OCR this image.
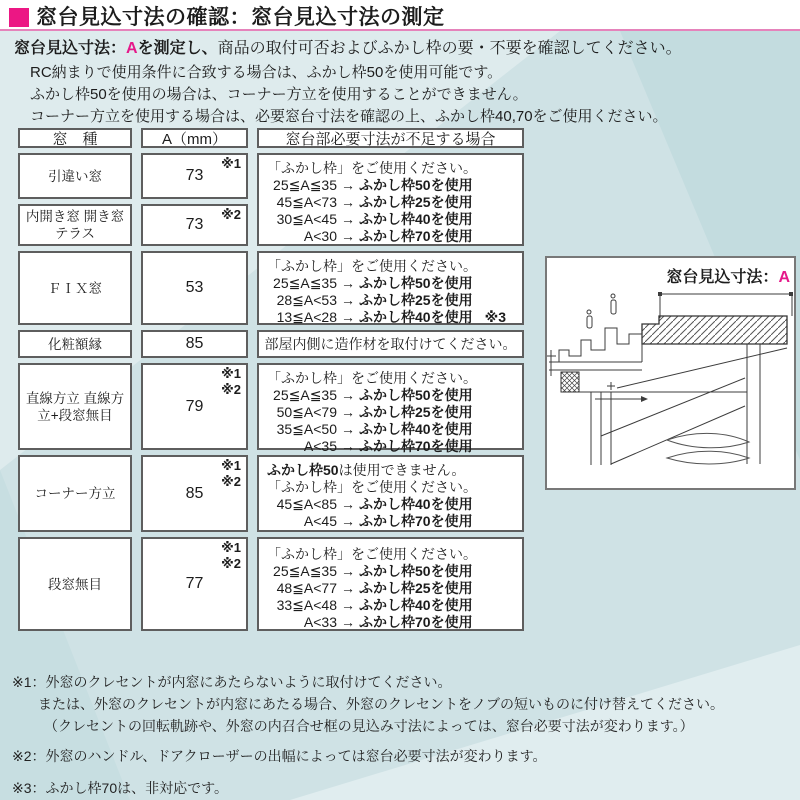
窓台見込寸法の確認：窓台見込寸法の測定
窓台見込寸法：Aを測定し、商品の取付可否およびふかし枠の要・不要を確認してください。
RC納まりで使用条件に合致する場合は、ふかし枠50を使用可能です。
ふかし枠50を使用の場合は、コーナー方立を使用することができません。
コーナー方立を使用する場合は、必要窓台寸法を確認の上、ふかし枠40,70をご使用ください。
窓　種	A（mm）	窓台部必要寸法が不足する場合
引違い窓
内開き窓 開き窓 テラス
ＦＩＸ窓
化粧額縁
直線方立 直線方立+段窓無目
コーナー方立
段窓無目
※1
73
※2
73
53
85
※1
※2
79
※1
※2
85
※1
※2
77
「ふかし枠」をご使用ください。
25≦A≦35 → ふかし枠50を使用
45≦A<73 → ふかし枠25を使用
30≦A<45 → ふかし枠40を使用
A<30 → ふかし枠70を使用
「ふかし枠」をご使用ください。
25≦A≦35 → ふかし枠50を使用
28≦A<53 → ふかし枠25を使用
13≦A<28 → ふかし枠40を使用 ※3
部屋内側に造作材を取付けてください。
「ふかし枠」をご使用ください。
25≦A≦35 → ふかし枠50を使用
50≦A<79 → ふかし枠25を使用
35≦A<50 → ふかし枠40を使用
A<35 → ふかし枠70を使用
ふかし枠50は使用できません。
「ふかし枠」をご使用ください。
45≦A<85 → ふかし枠40を使用
A<45 → ふかし枠70を使用
「ふかし枠」をご使用ください。
25≦A≦35 → ふかし枠50を使用
48≦A<77 → ふかし枠25を使用
33≦A<48 → ふかし枠40を使用
A<33 → ふかし枠70を使用
窓台見込寸法：A
※1： 外窓のクレセントが内窓にあたらないように取付けてください。
または、外窓のクレセントが内窓にあたる場合、外窓のクレセントをノブの短いものに付け替えてください。
（クレセントの回転軌跡や、外窓の内召合せ框の見込み寸法によっては、窓台必要寸法が変わります。）
※2： 外窓のハンドル、ドアクローザーの出幅によっては窓台必要寸法が変わります。
※3： ふかし枠70は、非対応です。
